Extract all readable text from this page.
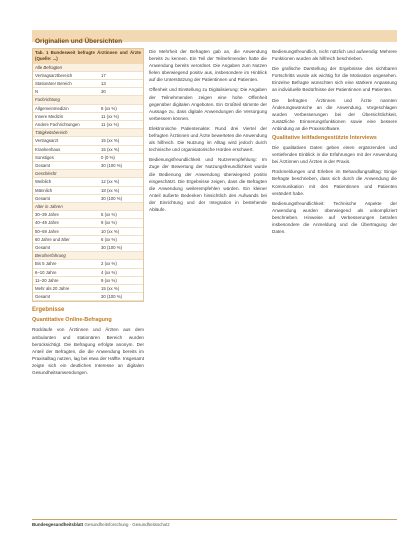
Originalien und Übersichten
Tab. 1 Bundesweit befragte Ärztinnen und Ärzte (Quelle: ...)
Alle Befragten
Vertragsarztbereich	17
Stationärer Bereich	13
N	30
Fachrichtung
Allgemeinmedizin	8 (xx %)
Innere Medizin	11 (xx %)
Andere Fachrichtungen	11 (xx %)
Tätigkeitsbereich
Vertragsarzt	15 (xx %)
Krankenhaus	15 (xx %)
Sonstiges	0 (0 %)
Gesamt	30 (100 %)
Geschlecht
Weiblich	12 (xx %)
Männlich	18 (xx %)
Gesamt	30 (100 %)
Alter in Jahren
30–39 Jahre	5 (xx %)
40–49 Jahre	9 (xx %)
50–59 Jahre	10 (xx %)
60 Jahre und älter	6 (xx %)
Gesamt	30 (100 %)
Berufserfahrung
Bis 5 Jahre	2 (xx %)
6–10 Jahre	4 (xx %)
11–20 Jahre	9 (xx %)
Mehr als 20 Jahre	15 (xx %)
Gesamt	30 (100 %)
Ergebnisse
Quantitative Online-Befragung

Rückläufe von Ärztinnen und Ärzten aus dem ambulanten und stationären Bereich wurden berücksichtigt. Die Befragung erfolgte anonym. Der Anteil der Befragten, die die Anwendung bereits im Praxisalltag nutzen, lag bei etwa der Hälfte. Insgesamt zeigte sich ein deutliches Interesse an digitalen Gesundheitsanwendungen.

Die Mehrheit der Befragten gab an, die Anwendung bereits zu kennen. Ein Teil der Teilnehmenden hatte die Anwendung bereits verordnet. Die Angaben zum Nutzen fielen überwiegend positiv aus, insbesondere im Hinblick auf die Unterstützung der Patientinnen und Patienten.

Offenheit und Einstellung zu Digitalisierung: Die Angaben der Teilnehmenden zeigen eine hohe Offenheit gegenüber digitalen Angeboten. Ein Großteil stimmte der Aussage zu, dass digitale Anwendungen die Versorgung verbessern können.

Elektronische Patientenakte: Rund drei Viertel der befragten Ärztinnen und Ärzte bewerteten die Anwendung als hilfreich. Die Nutzung im Alltag wird jedoch durch technische und organisatorische Hürden erschwert.

Bedienungsfreundlichkeit und Nutzerempfehlung: Im Zuge der Bewertung der Nutzungsfreundlichkeit wurde die Bedienung der Anwendung überwiegend positiv eingeschätzt. Die Ergebnisse zeigen, dass die Befragten die Anwendung weiterempfehlen würden. Ein kleiner Anteil äußerte Bedenken hinsichtlich des Aufwands bei der Einrichtung und der Integration in bestehende Abläufe.

Bedienungsfreundlich, nicht nützlich und aufwendig: Mehrere Funktionen wurden als hilfreich beschrieben.

Die grafische Darstellung der Ergebnisse des sichtbaren Fortschritts wurde als wichtig für die Motivation angesehen. Einzelne Befragte wünschten sich eine stärkere Anpassung an individuelle Bedürfnisse der Patientinnen und Patienten.

Die befragten Ärztinnen und Ärzte nannten Änderungswünsche an die Anwendung. Vorgeschlagen wurden Verbesserungen bei der Übersichtlichkeit, zusätzliche Erinnerungsfunktionen sowie eine bessere Anbindung an die Praxissoftware.

Qualitative leitfadengestützte Interviews

Die qualitativen Daten geben einen ergänzenden und vertiefenden Einblick in die Erfahrungen mit der Anwendung bei Ärztinnen und Ärzten in der Praxis.

Rückmeldungen und Erleben im Behandlungsalltag: Einige Befragte beschrieben, dass sich durch die Anwendung die Kommunikation mit den Patientinnen und Patienten verändert habe.

Bedienungsfreundlichkeit: Technische Aspekte der Anwendung wurden überwiegend als unkompliziert beschrieben. Hinweise auf Verbesserungen betrafen insbesondere die Anmeldung und die Übertragung der Daten.

Bundesgesundheitsblatt Gesundheitsforschung · Gesundheitsschutz
